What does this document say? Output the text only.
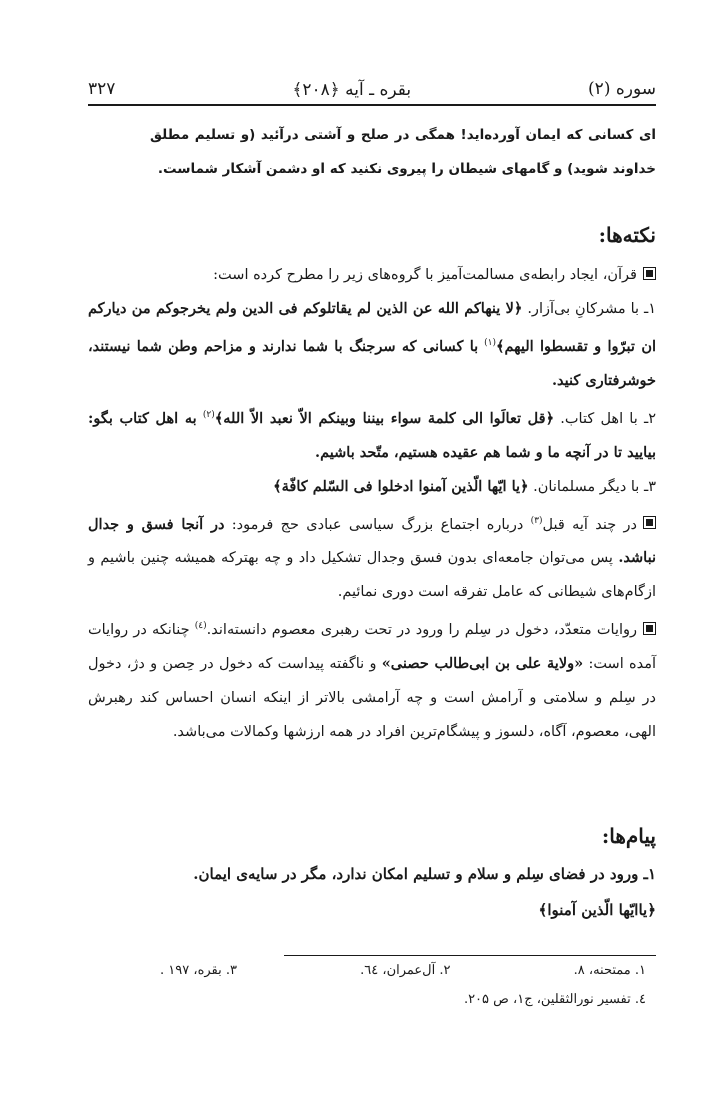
سوره (۲)
بقره ـ آیه ﴿۲۰۸﴾
۳۲۷
ای كسانی كه ایمان آورده‌اید! همگی در صلح و آشتی درآئید (و تسلیم مطلق خداوند شوید) و گامهای شیطان را پیروی نكنید كه او دشمن آشكار شماست.
نكته‌ها:

قرآن، ایجاد رابطه‌ی مسالمت‌آمیز با گروه‌های زیر را مطرح كرده است:

۱ـ با مشركانِ بی‌آزار. ﴿لا ینهاكم الله عن الذین لم یقاتلوكم فی الدین ولم یخرجوكم من دیاركم ان تبرّوا و تقسطوا الیهم﴾$^{(۱)}$ با كسانی كه سرجنگ با شما ندارند و مزاحم وطن شما نیستند، خوشرفتاری كنید.

۲ـ با اهل كتاب. ﴿قل تعالَوا الی كلمة سواء بیننا وبینكم الاّ نعبد الاّ الله﴾$^{(۲)}$ به اهل كتاب بگو: بیایید تا در آنچه ما و شما هم عقیده هستیم، متّحد باشیم.

۳ـ با دیگر مسلمانان. ﴿یا ایّها الّذین آمنوا ادخلوا فی السّلم كافّة﴾

در چند آیه قبل$^{(۳)}$ درباره اجتماع بزرگ سیاسی عبادی حج فرمود: در آنجا فسق و جدال نباشد. پس می‌توان جامعه‌ای بدون فسق وجدال تشكیل داد و چه بهتركه همیشه چنین باشیم و ازگام‌های شیطانی كه عامل تفرقه است دوری نمائیم.

روایات متعدّد، دخول در سِلم را ورود در تحت رهبری معصوم دانسته‌اند.$^{(٤)}$ چنانكه در روایات آمده است: «ولایة علی بن ابی‌طالب حصنی» و ناگفته پیداست كه دخول در حِصن و دژ، دخول در سِلم و سلامتی و آرامش است و چه آرامشی بالاتر از اینكه انسان احساس كند رهبرش الهی، معصوم، آگاه، دلسوز و پیشگام‌ترین افراد در همه ارزشها وكمالات می‌باشد.

پیام‌ها:

۱ـ ورود در فضای سِلم و سلام و تسلیم امكان ندارد، مگر در سایه‌ی ایمان.

﴿یاایّها الّذین آمنوا﴾

۱. ممتحنه، ۸.
۲. آل‌عمران، ٦٤.
۳. بقره، ۱۹۷ .
٤. تفسیر نورالثقلین، ج۱، ص ۲۰۵.
